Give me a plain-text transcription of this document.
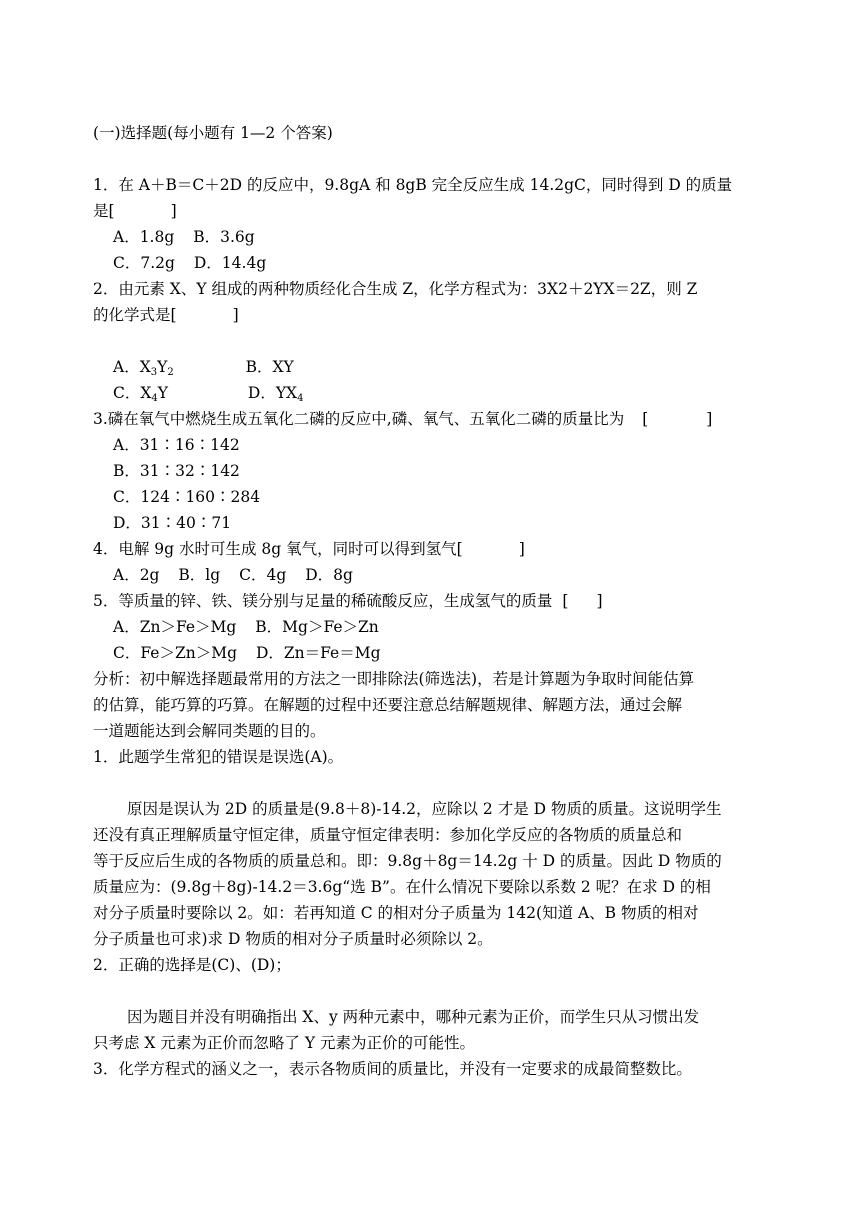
(一)选择题(每小题有 1—2 个答案)
1．在 A＋B＝C＋2D 的反应中，9.8gA 和 8gB 完全反应生成 14.2gC，同时得到 D 的质量
是[	]
A．1.8g B．3.6g
C．7.2g D．14.4g
2．由元素 X、Y 组成的两种物质经化合生成 Z，化学方程式为：3X2＋2YX＝2Z，则 Z
的化学式是[	]
A．$X_3Y_2$	B．XY
C．$X_4Y$	D．$YX_4$
3.磷在氧气中燃烧生成五氧化二磷的反应中,磷、氧气、五氧化二磷的质量比为 [	]
A．31∶16∶142
B．31∶32∶142
C．124∶160∶284
D．31∶40∶71
4．电解 9g 水时可生成 8g 氧气，同时可以得到氢气[	]
A．2g B．lg C．4g D．8g
5．等质量的锌、铁、镁分别与足量的稀硫酸反应，生成氢气的质量 [ ]
A．Zn＞Fe＞Mg B．Mg＞Fe＞Zn
C．Fe＞Zn＞Mg D．Zn＝Fe＝Mg
分析：初中解选择题最常用的方法之一即排除法(筛选法)，若是计算题为争取时间能估算
的估算，能巧算的巧算。在解题的过程中还要注意总结解题规律、解题方法，通过会解
一道题能达到会解同类题的目的。
1．此题学生常犯的错误是误选(A)。
原因是误认为 2D 的质量是(9.8＋8)-14.2，应除以 2 才是 D 物质的质量。这说明学生
还没有真正理解质量守恒定律，质量守恒定律表明：参加化学反应的各物质的质量总和
等于反应后生成的各物质的质量总和。即：9.8g＋8g＝14.2g 十 D 的质量。因此 D 物质的
质量应为：(9.8g＋8g)-14.2＝3.6g“选 B”。在什么情况下要除以系数 2 呢？在求 D 的相
对分子质量时要除以 2。如：若再知道 C 的相对分子质量为 142(知道 A、B 物质的相对
分子质量也可求)求 D 物质的相对分子质量时必须除以 2。
2．正确的选择是(C)、(D)；
因为题目并没有明确指出 X、y 两种元素中，哪种元素为正价，而学生只从习惯出发
只考虑 X 元素为正价而忽略了 Y 元素为正价的可能性。
3．化学方程式的涵义之一，表示各物质间的质量比，并没有一定要求的成最简整数比。
